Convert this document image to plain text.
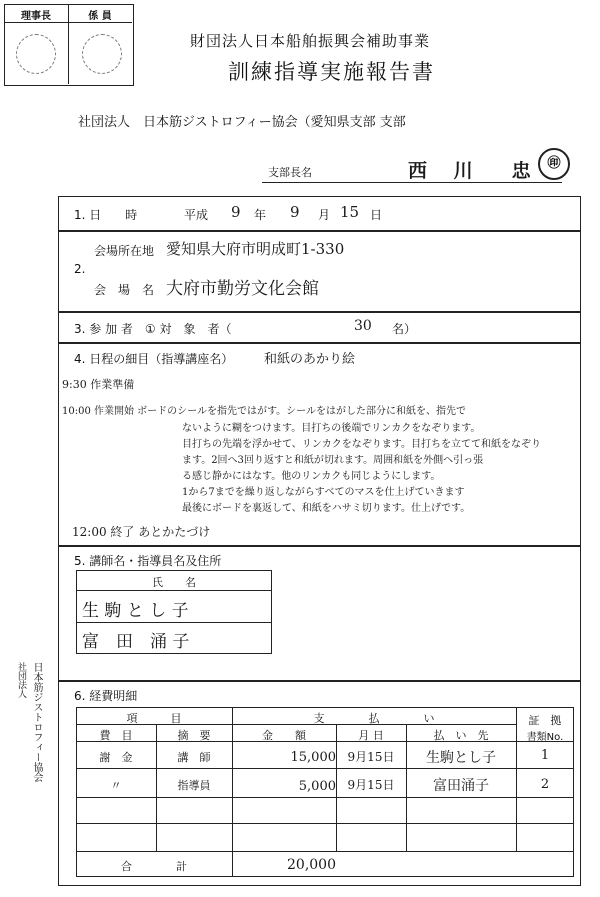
理事長	係 員
財団法人日本船舶振興会補助事業
訓練指導実施報告書
社団法人　日本筋ジストロフィー協会（愛知県支部 支部
支部長名	西 川　忠 ㊞
1. 日　　時	平成 9 年 9 月 15 日
2.
会場所在地 愛知県大府市明成町1-330
会　場　名 大府市勤労文化会館
3. 参 加 者　① 対　象　者（	30 名）
4. 日程の細目（指導講座名） 和紙のあかり絵
9:30 作業準備
10:00 作業開始 ボードのシールを指先ではがす。シールをはがした部分に和紙を、指先で
ないように糊をつけます。目打ちの後端でリンカクをなぞります。
目打ちの先端を浮かせて、リンカクをなぞります。目打ちを立てて和紙をなぞり
ます。2回へ3回り返すと和紙が切れます。周囲和紙を外側へ引っ張
る感じ静かにはなす。他のリンカクも同じようにします。
1から7までを繰り返しながらすべてのマスを仕上げていきます
最後にボードを裏返して、和紙をハサミ切ります。仕上げです。
12:00 終了 あとかたづけ
5. 講師名・指導員名及住所
氏　　名
生 駒 と し 子
富　田　涌 子
6. 経費明細
項　　　目	支　　　　払　　　　い	証　拠
費　目	摘　要	金　　額	月 日	払　い　先	書類No.
謝　金	講　師	15,000 9月15日	生駒とし子	1
〃	指導員	5,000 9月15日	富田涌子	2
合　　　　計	20,000
日本筋ジストロフィー協会
社団法人
